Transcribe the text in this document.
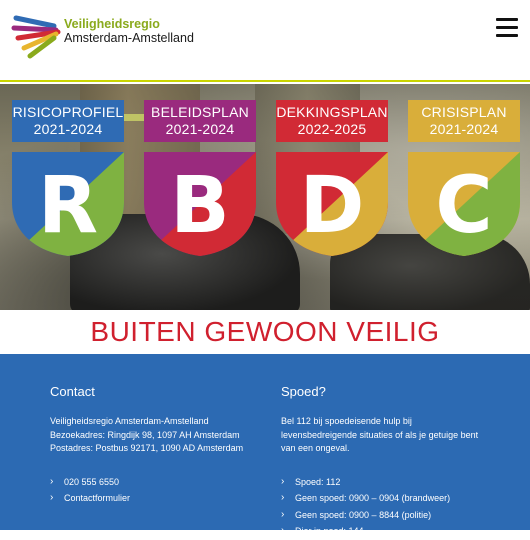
Veiligheidsregio
Amsterdam-Amstelland
RISICOPROFIEL
2021-2024
R
BELEIDSPLAN
2021-2024
B
DEKKINGSPLAN
2022-2025
D
CRISISPLAN
2021-2024
C
BUITEN GEWOON VEILIG
Contact

Veiligheidsregio Amsterdam-Amstelland
Bezoekadres: Ringdijk 98, 1097 AH Amsterdam
Postadres: Postbus 92171, 1090 AD Amsterdam

› 020 555 6550
› Contactformulier
Spoed?

Bel 112 bij spoedeisende hulp bij
levensbedreigende situaties of als je getuige bent
van een ongeval.

› Spoed: 112
› Geen spoed: 0900 – 0904 (brandweer)
› Geen spoed: 0900 – 8844 (politie)
› Dier in nood: 144
